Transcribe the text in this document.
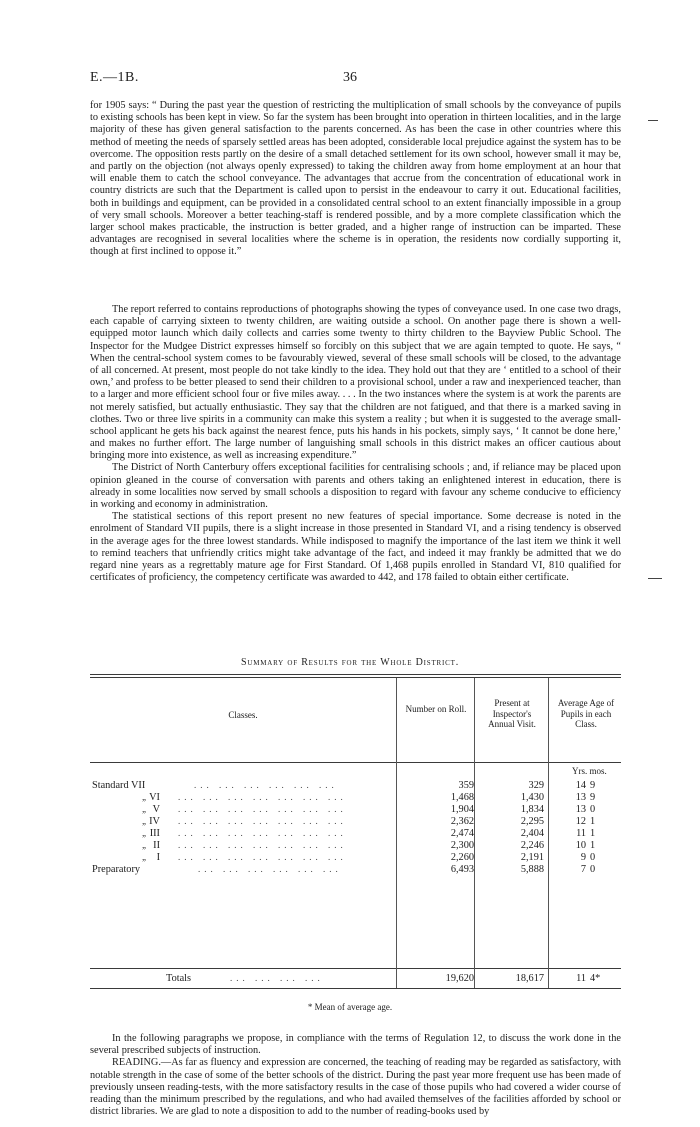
E.—1B.	36

for 1905 says: “ During the past year the question of restricting the multiplication of small schools by the conveyance of pupils to existing schools has been kept in view. So far the system has been brought into operation in thirteen localities, and in the large majority of these has given general satisfaction to the parents concerned. As has been the case in other countries where this method of meeting the needs of sparsely settled areas has been adopted, considerable local prejudice against the system has to be overcome. The opposition rests partly on the desire of a small detached settlement for its own school, however small it may be, and partly on the objection (not always openly expressed) to taking the children away from home employment at an hour that will enable them to catch the school conveyance. The advantages that accrue from the concentration of educational work in country districts are such that the Department is called upon to persist in the endeavour to carry it out. Educational facilities, both in buildings and equipment, can be provided in a consolidated central school to an extent financially impossible in a group of very small schools. Moreover a better teaching-staff is rendered possible, and by a more complete classification which the larger school makes practicable, the instruction is better graded, and a higher range of instruction can be imparted. These advantages are recognised in several localities where the scheme is in operation, the residents now cordially supporting it, though at first inclined to oppose it.”

The report referred to contains reproductions of photographs showing the types of conveyance used. In one case two drags, each capable of carrying sixteen to twenty children, are waiting outside a school. On another page there is shown a well-equipped motor launch which daily collects and carries some twenty to thirty children to the Bayview Public School. The Inspector for the Mudgee District expresses himself so forcibly on this subject that we are again tempted to quote. He says, “ When the central-school system comes to be favourably viewed, several of these small schools will be closed, to the advantage of all concerned. At present, most people do not take kindly to the idea. They hold out that they are ‘ entitled to a school of their own,’ and profess to be better pleased to send their children to a provisional school, under a raw and inexperienced teacher, than to a larger and more efficient school four or five miles away. . . . In the two instances where the system is at work the parents are not merely satisfied, but actually enthusiastic. They say that the children are not fatigued, and that there is a marked saving in clothes. Two or three live spirits in a community can make this system a reality ; but when it is suggested to the average small-school applicant he gets his back against the nearest fence, puts his hands in his pockets, simply says, ‘ It cannot be done here,’ and makes no further effort. The large number of languishing small schools in this district makes an officer cautious about bringing more into existence, as well as increasing expenditure.”

The District of North Canterbury offers exceptional facilities for centralising schools ; and, if reliance may be placed upon opinion gleaned in the course of conversation with parents and others taking an enlightened interest in education, there is already in some localities now served by small schools a disposition to regard with favour any scheme conducive to efficiency in working and economy in administration.

The statistical sections of this report present no new features of special importance. Some decrease is noted in the enrolment of Standard VII pupils, there is a slight increase in those presented in Standard VI, and a rising tendency is observed in the average ages for the three lowest standards. While indisposed to magnify the importance of the last item we think it well to remind teachers that unfriendly critics might take advantage of the fact, and indeed it may frankly be admitted that we do regard nine years as a regrettably mature age for First Standard. Of 1,468 pupils enrolled in Standard VI, 810 qualified for certificates of proficiency, the competency certificate was awarded to 442, and 178 failed to obtain either certificate.

Summary of Results for the Whole District.
Classes.
Number on Roll.
Present at Inspector's Annual Visit.
Average Age of Pupils in each Class.
Yrs. mos.
Standard VII	... ... ... ... ... ...	359	329	14 9
„ VI ... ... ... ... ... ... ...	1,468	1,430	13 9
„ V ... ... ... ... ... ... ...	1,904	1,834	13 0
„ IV ... ... ... ... ... ... ...	2,362	2,295	12 1
„ III ... ... ... ... ... ... ...	2,474	2,404	11 1
„ II ... ... ... ... ... ... ...	2,300	2,246	10 1
„ I ... ... ... ... ... ... ...	2,260	2,191	9 0
Preparatory	... ... ... ... ... ...	6,493	5,888	7 0
Totals	... ... ... ...	19,620	18,617	11 4*
* Mean of average age.

In the following paragraphs we propose, in compliance with the terms of Regulation 12, to discuss the work done in the several prescribed subjects of instruction.

READING.—As far as fluency and expression are concerned, the teaching of reading may be regarded as satisfactory, with notable strength in the case of some of the better schools of the district. During the past year more frequent use has been made of previously unseen reading-tests, with the more satisfactory results in the case of those pupils who had covered a wider course of reading than the minimum prescribed by the regulations, and who had availed themselves of the facilities afforded by school or district libraries. We are glad to note a disposition to add to the number of reading-books used by
